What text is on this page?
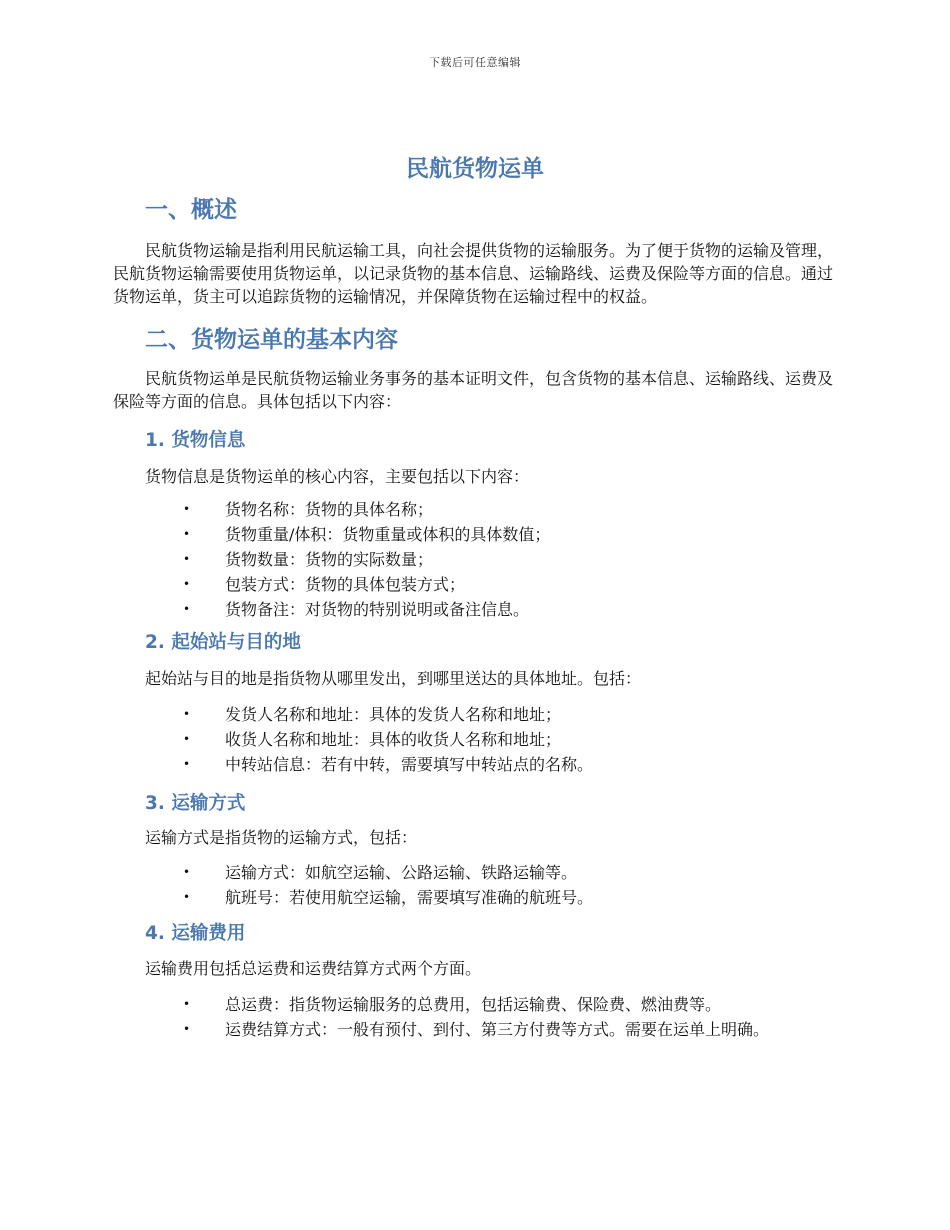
下载后可任意编辑
民航货物运单
一、概述

民航货物运输是指利用民航运输工具，向社会提供货物的运输服务。为了便于货物的运输及管理，民航货物运输需要使用货物运单，以记录货物的基本信息、运输路线、运费及保险等方面的信息。通过货物运单，货主可以追踪货物的运输情况，并保障货物在运输过程中的权益。

二、货物运单的基本内容

民航货物运单是民航货物运输业务事务的基本证明文件，包含货物的基本信息、运输路线、运费及保险等方面的信息。具体包括以下内容：

1. 货物信息

货物信息是货物运单的核心内容，主要包括以下内容：

• 货物名称：货物的具体名称；
• 货物重量/体积：货物重量或体积的具体数值；
• 货物数量：货物的实际数量；
• 包装方式：货物的具体包装方式；
• 货物备注：对货物的特别说明或备注信息。
2. 起始站与目的地

起始站与目的地是指货物从哪里发出，到哪里送达的具体地址。包括：

• 发货人名称和地址：具体的发货人名称和地址；
• 收货人名称和地址：具体的收货人名称和地址；
• 中转站信息：若有中转，需要填写中转站点的名称。
3. 运输方式

运输方式是指货物的运输方式，包括：

• 运输方式：如航空运输、公路运输、铁路运输等。
• 航班号：若使用航空运输，需要填写准确的航班号。
4. 运输费用

运输费用包括总运费和运费结算方式两个方面。

• 总运费：指货物运输服务的总费用，包括运输费、保险费、燃油费等。
• 运费结算方式：一般有预付、到付、第三方付费等方式。需要在运单上明确。
